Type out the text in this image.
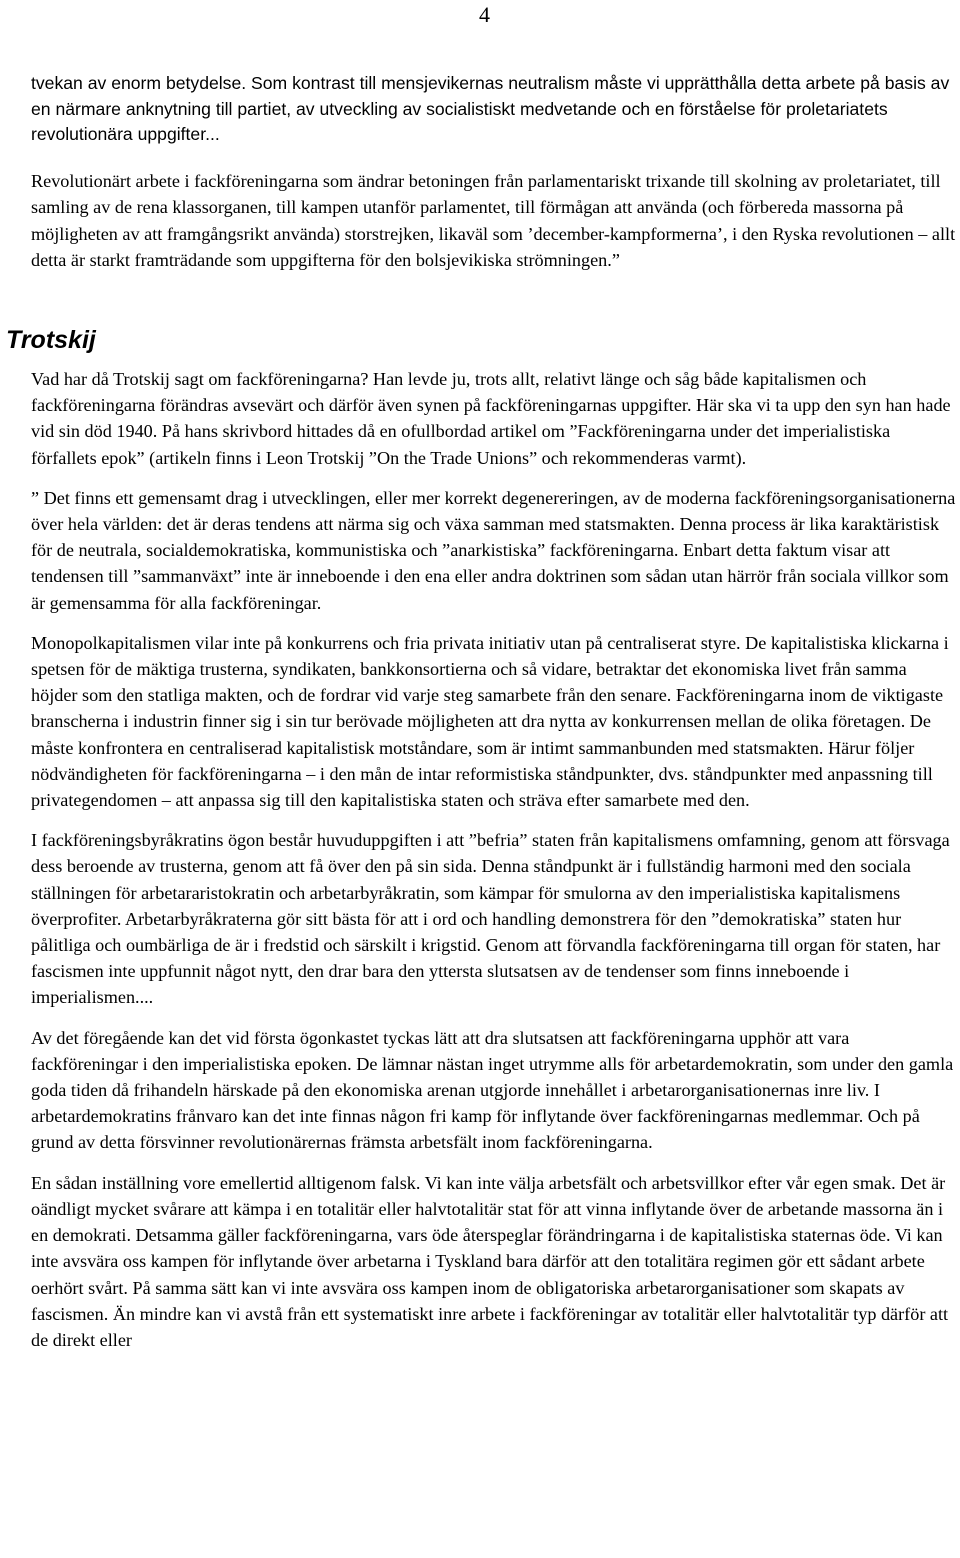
4

tvekan av enorm betydelse. Som kontrast till mensjevikernas neutralism måste vi upprätthålla detta arbete på basis av en närmare anknytning till partiet, av utveckling av socialistiskt medvetande och en förståelse för proletariatets revolutionära uppgifter...

Revolutionärt arbete i fackföreningarna som ändrar betoningen från parlamentariskt trixande till skolning av proletariatet, till samling av de rena klassorganen, till kampen utanför parlamentet, till förmågan att använda (och förbereda massorna på möjligheten av att framgångsrikt använda) storstrejken, likaväl som ’december-kampformerna’, i den Ryska revolutionen – allt detta är starkt framträdande som uppgifterna för den bolsjevikiska strömningen.”

Trotskij

Vad har då Trotskij sagt om fackföreningarna? Han levde ju, trots allt, relativt länge och såg både kapitalismen och fackföreningarna förändras avsevärt och därför även synen på fackföreningarnas uppgifter. Här ska vi ta upp den syn han hade vid sin död 1940. På hans skrivbord hittades då en ofullbordad artikel om ”Fackföreningarna under det imperialistiska förfallets epok” (artikeln finns i Leon Trotskij ”On the Trade Unions” och rekommenderas varmt).

” Det finns ett gemensamt drag i utvecklingen, eller mer korrekt degenereringen, av de moderna fackföreningsorganisationerna över hela världen: det är deras tendens att närma sig och växa samman med statsmakten. Denna process är lika karaktäristisk för de neutrala, socialdemokratiska, kommunistiska och ”anarkistiska” fackföreningarna. Enbart detta faktum visar att tendensen till ”sammanväxt” inte är inneboende i den ena eller andra doktrinen som sådan utan härrör från sociala villkor som är gemensamma för alla fackföreningar.

Monopolkapitalismen vilar inte på konkurrens och fria privata initiativ utan på centraliserat styre. De kapitalistiska klickarna i spetsen för de mäktiga trusterna, syndikaten, bankkonsortierna och så vidare, betraktar det ekonomiska livet från samma höjder som den statliga makten, och de fordrar vid varje steg samarbete från den senare. Fackföreningarna inom de viktigaste branscherna i industrin finner sig i sin tur berövade möjligheten att dra nytta av konkurrensen mellan de olika företagen. De måste konfrontera en centraliserad kapitalistisk motståndare, som är intimt sammanbunden med statsmakten. Härur följer nödvändigheten för fackföreningarna – i den mån de intar reformistiska ståndpunkter, dvs. ståndpunkter med anpassning till privategendomen – att anpassa sig till den kapitalistiska staten och sträva efter samarbete med den.

I fackföreningsbyråkratins ögon består huvuduppgiften i att ”befria” staten från kapitalismens omfamning, genom att försvaga dess beroende av trusterna, genom att få över den på sin sida. Denna ståndpunkt är i fullständig harmoni med den sociala ställningen för arbetararistokratin och arbetarbyråkratin, som kämpar för smulorna av den imperialistiska kapitalismens överprofiter. Arbetarbyråkraterna gör sitt bästa för att i ord och handling demonstrera för den ”demokratiska” staten hur pålitliga och oumbärliga de är i fredstid och särskilt i krigstid. Genom att förvandla fackföreningarna till organ för staten, har fascismen inte uppfunnit något nytt, den drar bara den yttersta slutsatsen av de tendenser som finns inneboende i imperialismen....

Av det föregående kan det vid första ögonkastet tyckas lätt att dra slutsatsen att fackföreningarna upphör att vara fackföreningar i den imperialistiska epoken. De lämnar nästan inget utrymme alls för arbetardemokratin, som under den gamla goda tiden då frihandeln härskade på den ekonomiska arenan utgjorde innehållet i arbetarorganisationernas inre liv. I arbetardemokratins frånvaro kan det inte finnas någon fri kamp för inflytande över fackföreningarnas medlemmar. Och på grund av detta försvinner revolutionärernas främsta arbetsfält inom fackföreningarna.

En sådan inställning vore emellertid alltigenom falsk. Vi kan inte välja arbetsfält och arbetsvillkor efter vår egen smak. Det är oändligt mycket svårare att kämpa i en totalitär eller halvtotalitär stat för att vinna inflytande över de arbetande massorna än i en demokrati. Detsamma gäller fackföreningarna, vars öde återspeglar förändringarna i de kapitalistiska staternas öde. Vi kan inte avsvära oss kampen för inflytande över arbetarna i Tyskland bara därför att den totalitära regimen gör ett sådant arbete oerhört svårt. På samma sätt kan vi inte avsvära oss kampen inom de obligatoriska arbetarorganisationer som skapats av fascismen. Än mindre kan vi avstå från ett systematiskt inre arbete i fackföreningar av totalitär eller halvtotalitär typ därför att de direkt eller
